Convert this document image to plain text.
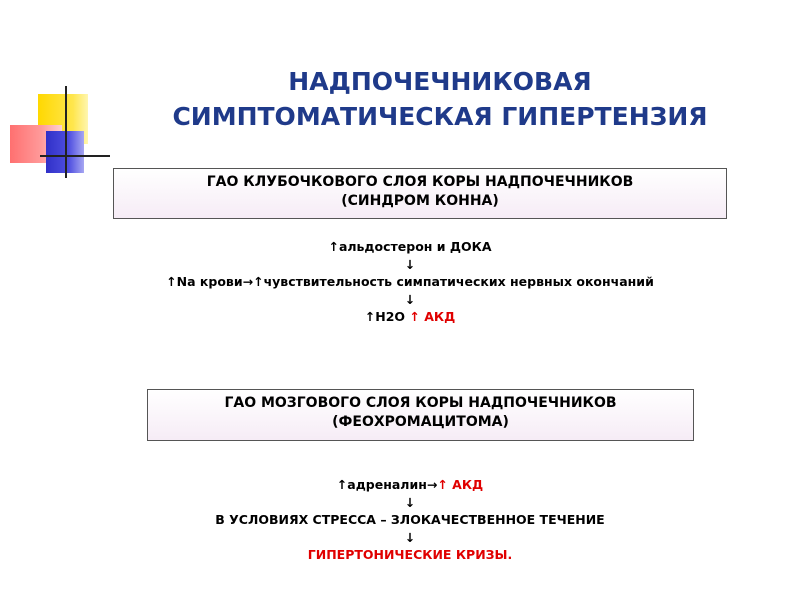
НАДПОЧЕЧНИКОВАЯ
СИМПТОМАТИЧЕСКАЯ ГИПЕРТЕНЗИЯ
ГАО КЛУБОЧКОВОГО СЛОЯ КОРЫ НАДПОЧЕЧНИКОВ
(СИНДРОМ КОННА)
↑альдостерон и ДОКА
↓
↑Na крови→↑чувствительность симпатических нервных окончаний
↓
↑H2O ↑ АКД
ГАО МОЗГОВОГО СЛОЯ КОРЫ НАДПОЧЕЧНИКОВ
(ФЕОХРОМАЦИТОМА)
↑адреналин→↑ АКД
↓
В УСЛОВИЯХ СТРЕССА – ЗЛОКАЧЕСТВЕННОЕ ТЕЧЕНИЕ
↓
ГИПЕРТОНИЧЕСКИЕ КРИЗЫ.
